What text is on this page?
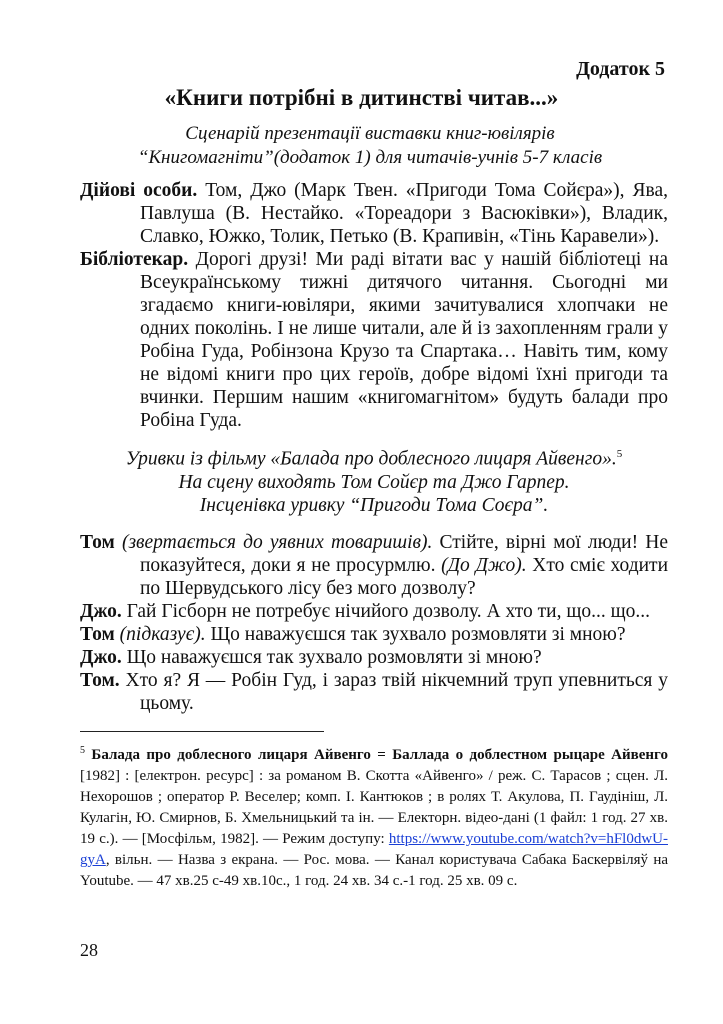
Додаток 5
«Книги потрібні в дитинстві читав...»
Сценарій презентації виставки книг-ювілярів
“Книгомагніти”(додаток 1) для читачів-учнів 5-7 класів

Дійові особи. Том, Джо (Марк Твен. «Пригоди Тома Сойєра»), Ява, Павлуша (В. Нестайко. «Тореадори з Васюківки»), Владик, Славко, Южко, Толик, Петько (В. Крапивін, «Тінь Каравели»).

Бібліотекар. Дорогі друзі! Ми раді вітати вас у нашій бібліотеці на Всеукраїнському тижні дитячого читання. Сьогодні ми згадаємо книги-ювіляри, якими зачитувалися хлопчаки не одних поколінь. І не лише читали, але й із захопленням грали у Робіна Гуда, Робінзона Крузо та Спартака… Навіть тим, кому не відомі книги про цих героїв, добре відомі їхні пригоди та вчинки. Першим нашим «книгомагнітом» будуть балади про Робіна Гуда.

Уривки із фільму «Балада про доблесного лицаря Айвенго».$^5$
На сцену виходять Том Сойєр та Джо Гарпер.
Інсценівка уривку “Пригоди Тома Соєра”.

Том (звертається до уявних товаришів). Стійте, вірні мої люди! Не показуйтеся, доки я не просурмлю. (До Джо). Хто сміє ходити по Шервудського лісу без мого дозволу?

Джо. Гай Гісборн не потребує нічийого дозволу. А хто ти, що... що...

Том (підказує). Що наважуєшся так зухвало розмовляти зі мною?

Джо. Що наважуєшся так зухвало розмовляти зі мною?

Том. Хто я? Я — Робін Гуд, і зараз твій нікчемний труп упевниться у цьому.

$^5$ Балада про доблесного лицаря Айвенго = Баллада о доблестном рыцаре Айвенго [1982] : [електрон. ресурс] : за романом В. Скотта «Айвенго» / реж. С. Тарасов ; сцен. Л. Нехорошов ; оператор Р. Веселер; комп. І. Кантюков ; в ролях Т. Акулова, П. Гаудініш, Л. Кулагін, Ю. Смирнов, Б. Хмельницький та ін. — Електорн. відео-дані (1 файл: 1 год. 27 хв. 19 с.). — [Мосфільм, 1982]. — Режим доступу: https://www.youtube.com/watch?v=hFl0dwU-gyA, вільн. — Назва з екрана. — Рос. мова. — Канал користувача Сабака Баскервіляў на Youtube. — 47 хв.25 с-49 хв.10с., 1 год. 24 хв. 34 с.-1 год. 25 хв. 09 с.
28
